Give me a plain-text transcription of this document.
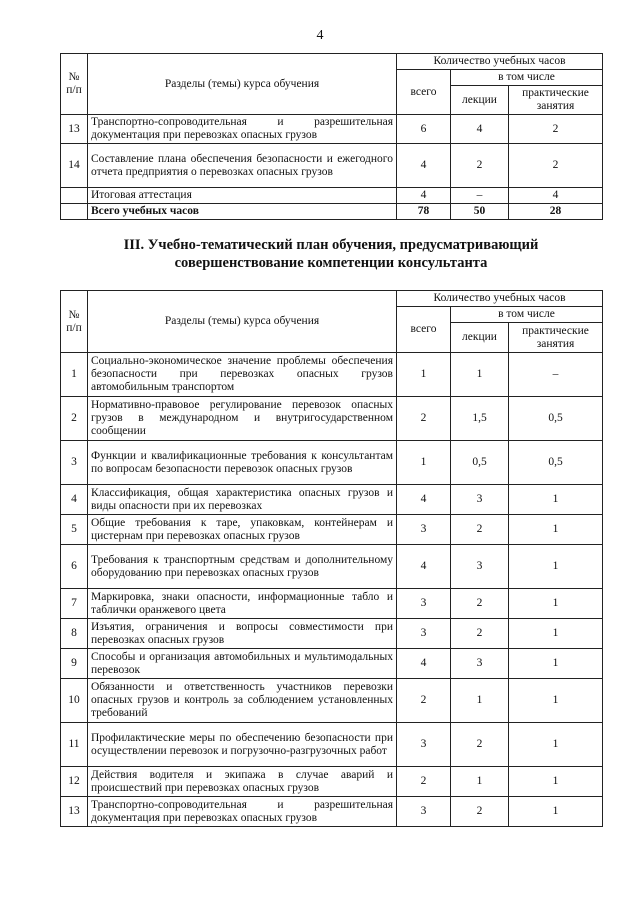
4
№ п/п	Разделы (темы) курса обучения	Количество учебных часов		
		всего	в том числе	
			лекции	практические занятия
13	Транспортно-сопроводительная и разрешительная документация при перевозках опасных грузов	6	4	2
14	Составление плана обеспечения безопасности и ежегодного отчета предприятия о перевозках опасных грузов	4	2	2
	Итоговая аттестация	4	–	4
	Всего учебных часов	78	50	28
III. Учебно-тематический план обучения, предусматривающий совершенствование компетенции консультанта
№ п/п	Разделы (темы) курса обучения	Количество учебных часов		
		всего	в том числе	
			лекции	практические занятия
1	Социально-экономическое значение проблемы обеспечения безопасности при перевозках опасных грузов автомобильным транспортом	1	1	–
2	Нормативно-правовое регулирование перевозок опасных грузов в международном и внутригосударственном сообщении	2	1,5	0,5
3	Функции и квалификационные требования к консультантам по вопросам безопасности перевозок опасных грузов	1	0,5	0,5
4	Классификация, общая характеристика опасных грузов и виды опасности при их перевозках	4	3	1
5	Общие требования к таре, упаковкам, контейнерам и цистернам при перевозках опасных грузов	3	2	1
6	Требования к транспортным средствам и дополнительному оборудованию при перевозках опасных грузов	4	3	1
7	Маркировка, знаки опасности, информационные табло и таблички оранжевого цвета	3	2	1
8	Изъятия, ограничения и вопросы совместимости при перевозках опасных грузов	3	2	1
9	Способы и организация автомобильных и мультимодальных перевозок	4	3	1
10	Обязанности и ответственность участников перевозки опасных грузов и контроль за соблюдением установленных требований	2	1	1
11	Профилактические меры по обеспечению безопасности при осуществлении перевозок и погрузочно-разгрузочных работ	3	2	1
12	Действия водителя и экипажа в случае аварий и происшествий при перевозках опасных грузов	2	1	1
13	Транспортно-сопроводительная и разрешительная документация при перевозках опасных грузов	3	2	1
